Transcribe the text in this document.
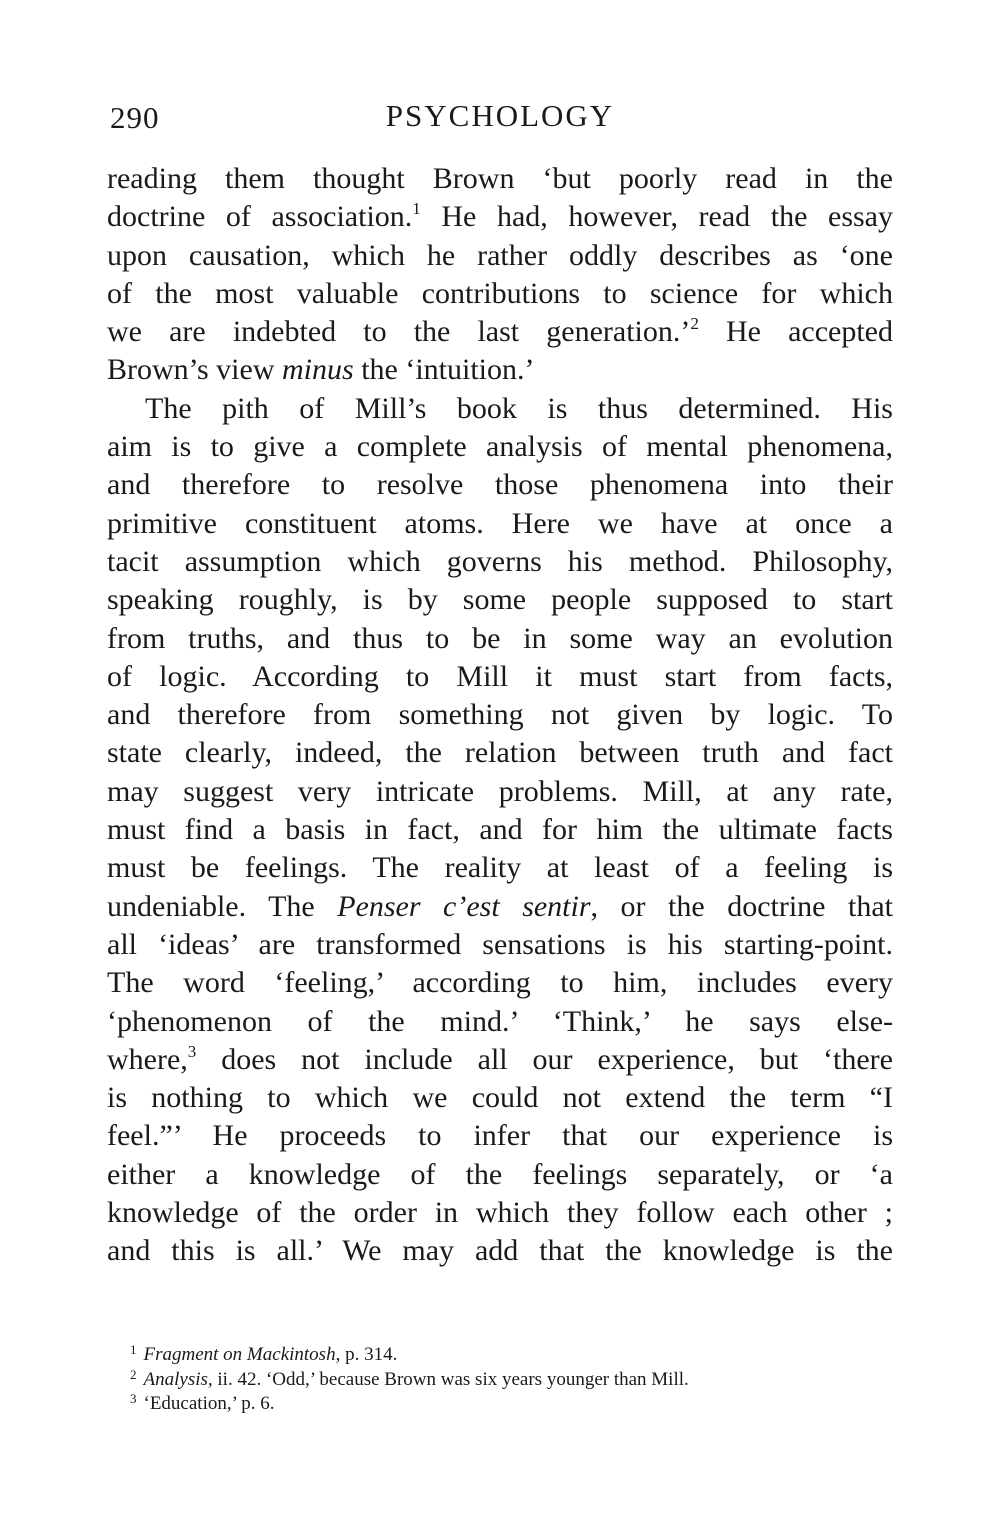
290	PSYCHOLOGY
reading them thought Brown ‘but poorly read in the
doctrine of association.$^1$ He had, however, read the essay
upon causation, which he rather oddly describes as ‘one
of the most valuable contributions to science for which
we are indebted to the last generation.’$^2$ He accepted
Brown’s view minus the ‘intuition.’
The pith of Mill’s book is thus determined. His
aim is to give a complete analysis of mental phenomena,
and therefore to resolve those phenomena into their
primitive constituent atoms. Here we have at once a
tacit assumption which governs his method. Philosophy,
speaking roughly, is by some people supposed to start
from truths, and thus to be in some way an evolution
of logic. According to Mill it must start from facts,
and therefore from something not given by logic. To
state clearly, indeed, the relation between truth and fact
may suggest very intricate problems. Mill, at any rate,
must find a basis in fact, and for him the ultimate facts
must be feelings. The reality at least of a feeling is
undeniable. The Penser c’est sentir, or the doctrine that
all ‘ideas’ are transformed sensations is his starting-point.
The word ‘feeling,’ according to him, includes every
‘phenomenon of the mind.’ ‘Think,’ he says else-
where,$^3$ does not include all our experience, but ‘there
is nothing to which we could not extend the term “I
feel.”’ He proceeds to infer that our experience is
either a knowledge of the feelings separately, or ‘a
knowledge of the order in which they follow each other ;
and this is all.’ We may add that the knowledge is the
$^1$ Fragment on Mackintosh, p. 314.
$^2$ Analysis, ii. 42. ‘Odd,’ because Brown was six years younger than Mill.
$^3$ ‘Education,’ p. 6.
